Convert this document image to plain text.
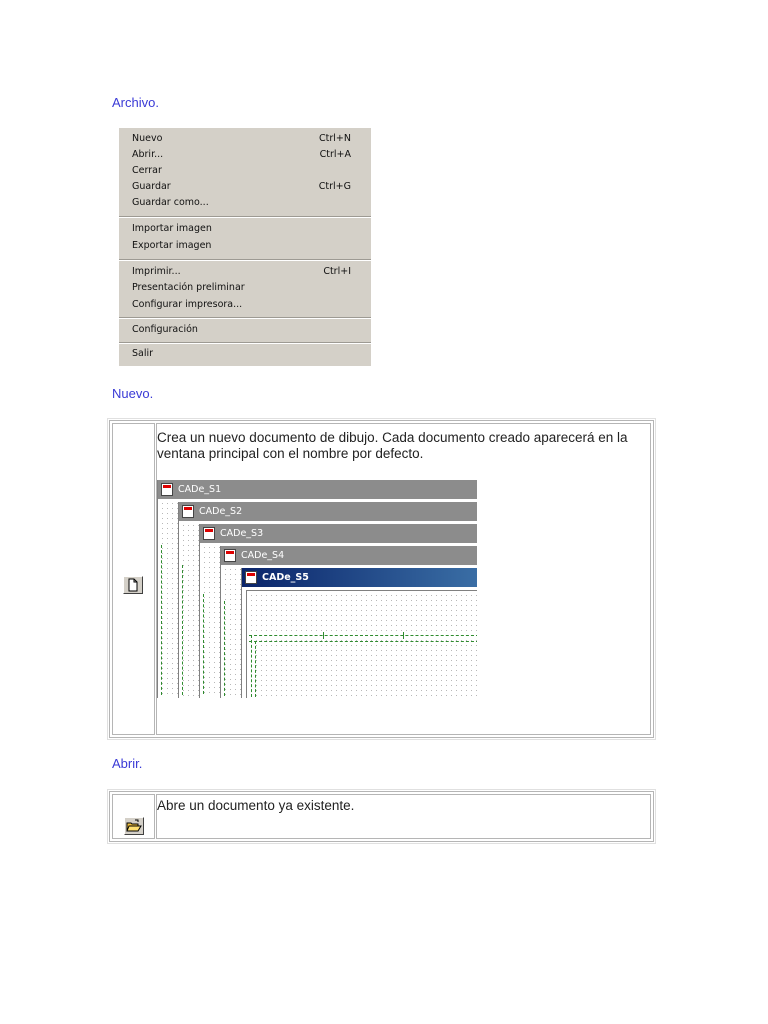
Archivo.
Nuevo	Ctrl+N
Abrir...	Ctrl+A
Cerrar
Guardar	Ctrl+G
Guardar como...
Importar imagen
Exportar imagen
Imprimir...	Ctrl+I
Presentación preliminar
Configurar impresora...
Configuración
Salir
Nuevo.
Crea un nuevo documento de dibujo. Cada documento creado aparecerá en la ventana principal con el nombre por defecto.
CADe_S1
CADe_S2
CADe_S3
CADe_S4
CADe_S5
Abrir.
Abre un documento ya existente.
